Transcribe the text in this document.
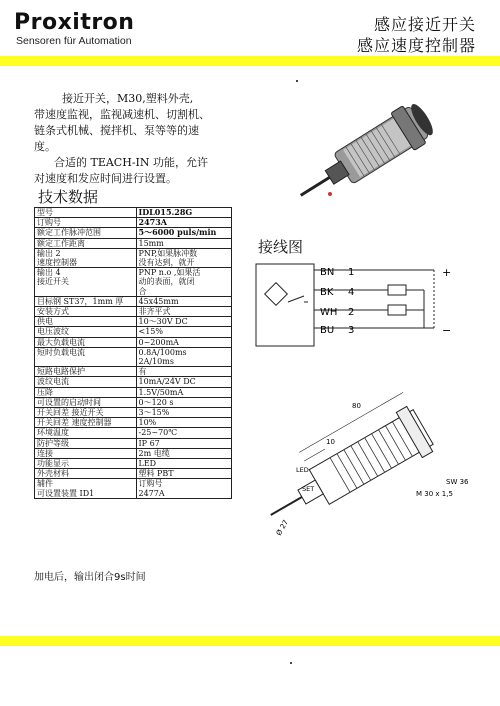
Proxitron
Sensoren für Automation
感应接近开关
感应速度控制器
接近开关，M30,塑料外壳,
带速度监视，监视减速机、切割机、
链条式机械、搅拌机、泵等等的速
度。
合适的 TEACH-IN 功能，允许
对速度和发应时间进行设置。
技术数据
型号	IDL015.28G
订购号	2473A
额定工作脉冲范围	5～6000 puls/min
额定工作距离	15mm
输出 2
速度控制器	PNP,如果脉冲数
没有达到，就开

输出 4
接近开关	PNP n.o ,如果活
动的表面，就闭
合
目标钢 ST37，1mm 厚	45x45mm
安装方式	非齐平式
供电	10～30V DC
电压波纹	<15%
最大负载电流	0~200mA
短时负载电流	0.8A/100ms
2A/10ms
短路电路保护	有
波纹电流	10mA/24V DC
压降	1.5V/50mA
可设置的启动时间	0～120 s
开关回差 接近开关	3～15%
开关回差 速度控制器	10%
环境温度	-25~70℃
防护等级	IP 67
连接	2m 电缆
功能显示	LED
外壳材料	塑料 PBT
辅件
可设置装置 ID1	订购号
2477A
接线图
BN 1
BK 4
WH 2
BU 3
+
−
80
10
LED
SET
SW 36
M 30 x 1,5
Ø 27
加电后，输出闭合9s时间
